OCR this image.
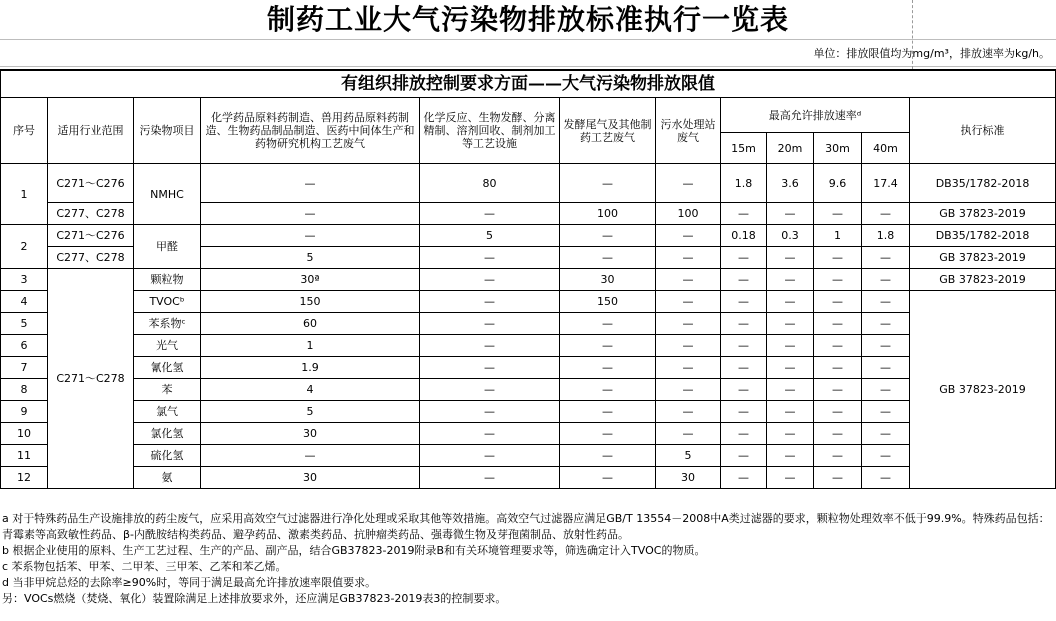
制药工业大气污染物排放标准执行一览表
单位：排放限值均为mg/m³，排放速率为kg/h。
有组织排放控制要求方面——大气污染物排放限值											
序号	适用行业范围	污染物项目	化学药品原料药制造、兽用药品原料药制造、生物药品制品制造、医药中间体生产和药物研究机构工艺废气	化学反应、生物发酵、分离精制、溶剂回收、制剂加工等工艺设施	发酵尾气及其他制药工艺废气	污水处理站废气	最高允许排放速率ᵈ				执行标准
							15m	20m	30m	40m	
1	C271～C276	NMHC	—	80	—	—	1.8	3.6	9.6	17.4	DB35/1782-2018
	C277、C278		—	—	100	100	—	—	—	—	GB 37823-2019
2	C271～C276	甲醛	—	5	—	—	0.18	0.3	1	1.8	DB35/1782-2018
	C277、C278		5	—	—	—	—	—	—	—	GB 37823-2019
3	C271～C278	颗粒物	30ª	—	30	—	—	—	—	—	GB 37823-2019
4		TVOCᵇ	150	—	150	—	—	—	—	—	GB 37823-2019
5		苯系物ᶜ	60	—	—	—	—	—	—	—	
6		光气	1	—	—	—	—	—	—	—	
7		氰化氢	1.9	—	—	—	—	—	—	—	
8		苯	4	—	—	—	—	—	—	—	
9		氯气	5	—	—	—	—	—	—	—	
10		氯化氢	30	—	—	—	—	—	—	—	
11		硫化氢	—	—	—	5	—	—	—	—	
12		氨	30	—	—	30	—	—	—	—	
a 对于特殊药品生产设施排放的药尘废气，应采用高效空气过滤器进行净化处理或采取其他等效措施。高效空气过滤器应满足GB/T 13554－2008中A类过滤器的要求，颗粒物处理效率不低于99.9%。特殊药品包括：青霉素等高致敏性药品、β-内酰胺结构类药品、避孕药品、激素类药品、抗肿瘤类药品、强毒微生物及芽孢菌制品、放射性药品。
b 根据企业使用的原料、生产工艺过程、生产的产品、副产品，结合GB37823-2019附录B和有关环境管理要求等，筛选确定计入TVOC的物质。
c 苯系物包括苯、甲苯、二甲苯、三甲苯、乙苯和苯乙烯。
d 当非甲烷总烃的去除率≥90%时，等同于满足最高允许排放速率限值要求。
另：VOCs燃烧（焚烧、氧化）装置除满足上述排放要求外，还应满足GB37823-2019表3的控制要求。
